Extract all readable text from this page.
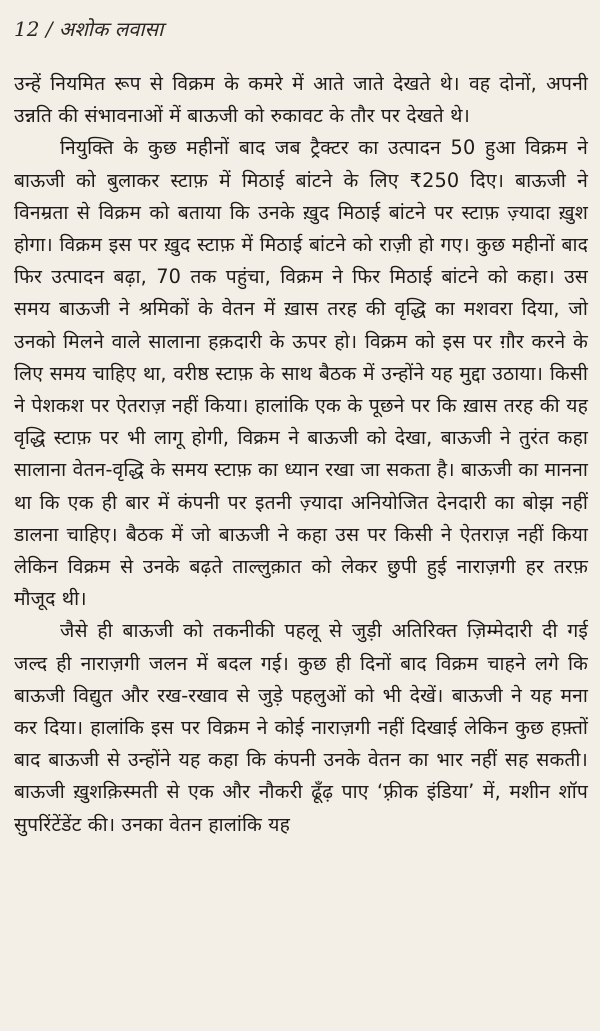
12 / अशोक लवासा

उन्हें नियमित रूप से विक्रम के कमरे में आते जाते देखते थे। वह दोनों, अपनी उन्नति की संभावनाओं में बाऊजी को रुकावट के तौर पर देखते थे।

नियुक्ति के कुछ महीनों बाद जब ट्रैक्टर का उत्पादन 50 हुआ विक्रम ने बाऊजी को बुलाकर स्टाफ़ में मिठाई बांटने के लिए ₹250 दिए। बाऊजी ने विनम्रता से विक्रम को बताया कि उनके ख़ुद मिठाई बांटने पर स्टाफ़ ज़्यादा ख़ुश होगा। विक्रम इस पर ख़ुद स्टाफ़ में मिठाई बांटने को राज़ी हो गए। कुछ महीनों बाद फिर उत्पादन बढ़ा, 70 तक पहुंचा, विक्रम ने फिर मिठाई बांटने को कहा। उस समय बाऊजी ने श्रमिकों के वेतन में ख़ास तरह की वृद्धि का मशवरा दिया, जो उनको मिलने वाले सालाना हक़दारी के ऊपर हो। विक्रम को इस पर ग़ौर करने के लिए समय चाहिए था, वरीष्ठ स्टाफ़ के साथ बैठक में उन्होंने यह मुद्दा उठाया। किसी ने पेशकश पर ऐतराज़ नहीं किया। हालांकि एक के पूछने पर कि ख़ास तरह की यह वृद्धि स्टाफ़ पर भी लागू होगी, विक्रम ने बाऊजी को देखा, बाऊजी ने तुरंत कहा सालाना वेतन-वृद्धि के समय स्टाफ़ का ध्यान रखा जा सकता है। बाऊजी का मानना था कि एक ही बार में कंपनी पर इतनी ज़्यादा अनियोजित देनदारी का बोझ नहीं डालना चाहिए। बैठक में जो बाऊजी ने कहा उस पर किसी ने ऐतराज़ नहीं किया लेकिन विक्रम से उनके बढ़ते ताल्लुक़ात को लेकर छुपी हुई नाराज़गी हर तरफ़ मौजूद थी।

जैसे ही बाऊजी को तकनीकी पहलू से जुड़ी अतिरिक्त ज़िम्मेदारी दी गई जल्द ही नाराज़गी जलन में बदल गई। कुछ ही दिनों बाद विक्रम चाहने लगे कि बाऊजी विद्युत और रख-रखाव से जुड़े पहलुओं को भी देखें। बाऊजी ने यह मना कर दिया। हालांकि इस पर विक्रम ने कोई नाराज़गी नहीं दिखाई लेकिन कुछ हफ़्तों बाद बाऊजी से उन्होंने यह कहा कि कंपनी उनके वेतन का भार नहीं सह सकती। बाऊजी ख़ुशक़िस्मती से एक और नौकरी ढूँढ़ पाए ‘फ़्रीक इंडिया’ में, मशीन शॉप सुपरिंटेंडेंट की। उनका वेतन हालांकि यह
